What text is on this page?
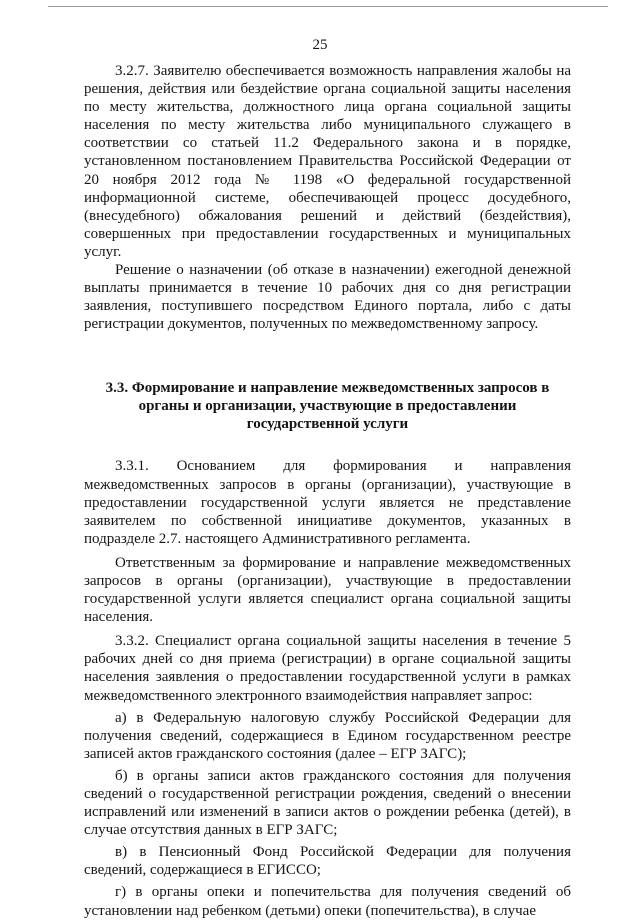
25

3.2.7. Заявителю обеспечивается возможность направления жалобы на решения, действия или бездействие органа социальной защиты населения по месту жительства, должностного лица органа социальной защиты населения по месту жительства либо муниципального служащего в соответствии со статьей 11.2 Федерального закона и в порядке, установленном постановлением Правительства Российской Федерации от 20 ноября 2012 года № 1198 «О федеральной государственной информационной системе, обеспечивающей процесс досудебного, (внесудебного) обжалования решений и действий (бездействия), совершенных при предоставлении государственных и муниципальных услуг.

Решение о назначении (об отказе в назначении) ежегодной денежной выплаты принимается в течение 10 рабочих дня со дня регистрации заявления, поступившего посредством Единого портала, либо с даты регистрации документов, полученных по межведомственному запросу.

3.3. Формирование и направление межведомственных запросов в органы и организации, участвующие в предоставлении государственной услуги

3.3.1. Основанием для формирования и направления межведомственных запросов в органы (организации), участвующие в предоставлении государственной услуги является не представление заявителем по собственной инициативе документов, указанных в подразделе 2.7. настоящего Административного регламента.

Ответственным за формирование и направление межведомственных запросов в органы (организации), участвующие в предоставлении государственной услуги является специалист органа социальной защиты населения.

3.3.2. Специалист органа социальной защиты населения в течение 5 рабочих дней со дня приема (регистрации) в органе социальной защиты населения заявления о предоставлении государственной услуги в рамках межведомственного электронного взаимодействия направляет запрос:

а) в Федеральную налоговую службу Российской Федерации для получения сведений, содержащиеся в Едином государственном реестре записей актов гражданского состояния (далее – ЕГР ЗАГС);

б) в органы записи актов гражданского состояния для получения сведений о государственной регистрации рождения, сведений о внесении исправлений или изменений в записи актов о рождении ребенка (детей), в случае отсутствия данных в ЕГР ЗАГС;

в) в Пенсионный Фонд Российской Федерации для получения сведений, содержащиеся в ЕГИССО;

г) в органы опеки и попечительства для получения сведений об установлении над ребенком (детьми) опеки (попечительства), в случае
